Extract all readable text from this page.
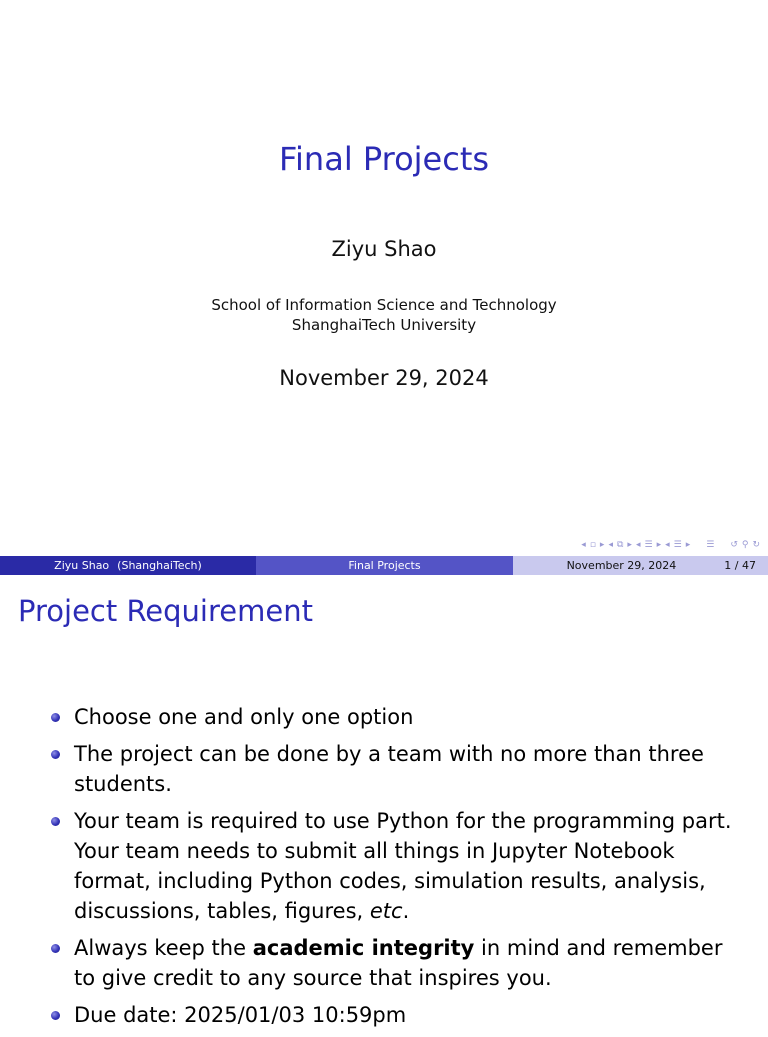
Final Projects
Ziyu Shao
School of Information Science and Technology
ShanghaiTech University
November 29, 2024
◂ ▫ ▸ ◂ ⧉ ▸ ◂ ☰ ▸ ◂ ☰ ▸ ☰ ↺ ⚲ ↻
Ziyu Shao (ShanghaiTech)	Final Projects	November 29, 2024	1 / 47
Project Requirement
Choose one and only one option
The project can be done by a team with no more than three students.
Your team is required to use Python for the programming part. Your team needs to submit all things in Jupyter Notebook format, including Python codes, simulation results, analysis, discussions, tables, figures, etc.
Always keep the academic integrity in mind and remember to give credit to any source that inspires you.
Due date: 2025/01/03 10:59pm
